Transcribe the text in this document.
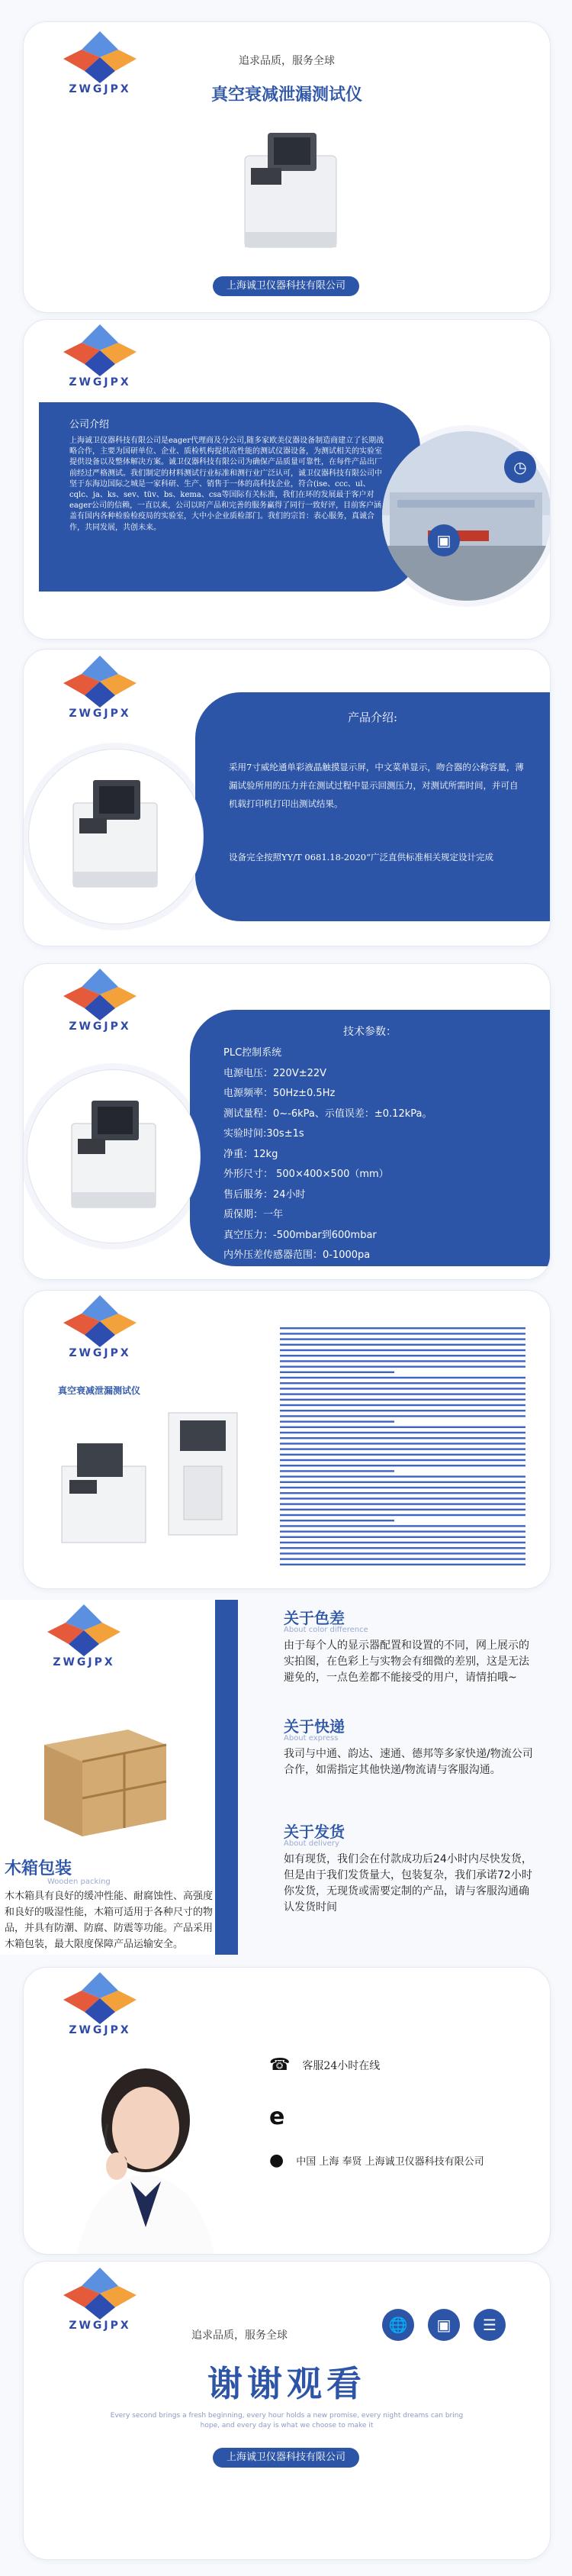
ZWGJPX
追求品质，服务全球
真空衰减泄漏测试仪
上海诚卫仪器科技有限公司
ZWGJPX
公司介绍
上海诚卫仪器科技有限公司是eager代理商及分公司,随多家欧美仪器设备制造商建立了长期战略合作，主要为国研单位、企业、质检机构提供高性能的测试仪器设备，为测试相关的实验室提供设备以及整体解决方案。诚卫仪器科技有限公司为确保产品质量可靠性，在每件产品出厂前经过严格测试。我们制定的材料测试行业标准和测行业广泛认可，诚卫仪器科技有限公司中坚于东海边国际之城是一家科研、生产、销售于一体的高科技企业，符合(ise、ccc、ul、cqlc、ja、ks、sev、tüv、bs、kema、csa等国际有关标准，我们在环的发展最于客户对eager公司的信赖，一直以来，公司以时产品和完善的服务赢得了同行一致好评，目前客户涵盖有国内各种检验检疫局的实验室，大中小企业质检部门。我们的宗旨：表心服务，真诚合作，共同发展，共创未来。
◷
▣
ZWGJPX	产品介绍:
采用7寸威纶通单彩液晶触摸显示屏，中文菜单显示，吻合器的公称容量，薄漏试验所用的压力并在测试过程中显示回测压力，对测试所需时间，并可自机载打印机打印出测试结果。
设备完全按照YY/T 0681.18-2020“广泛直供标准相关规定设计完成
ZWGJPX	技术参数：
PLC控制系统
电源电压：220V±22V
电源频率：50Hz±0.5Hz
测试量程：0~-6kPa、示值误差：±0.12kPa。
实验时间:30s±1s
净重：12kg
外形尺寸： 500×400×500（mm）
售后服务：24小时
质保期：一年
真空压力：-500mbar到600mbar
内外压差传感器范围：0-1000pa
ZWGJPX
真空衰减泄漏测试仪
ZWGJPX
木箱包装
Wooden packing
木木箱具有良好的缓冲性能、耐腐蚀性、高强度和良好的吸湿性能，木箱可适用于各种尺寸的物品，并具有防潮、防腐、防震等功能。产品采用木箱包装，最大限度保障产品运输安全。
关于色差
About color difference
由于每个人的显示器配置和设置的不同，网上展示的实拍图，在色彩上与实物会有细微的差别，这是无法避免的，一点色差都不能接受的用户，请情拍哦~
关于快递
About express
我司与中通、韵达、速通、德邦等多家快递/物流公司合作，如需指定其他快递/物流请与客服沟通。
关于发货
About delivery
如有现货，我们会在付款成功后24小时内尽快发货，但是由于我们发货量大，包装复杂，我们承诺72小时你发货，无现货或需要定制的产品，请与客服沟通确认发货时间
ZWGJPX
☎ 客服24小时在线
e
● 中国 上海 奉贤 上海诚卫仪器科技有限公司
ZWGJPX
追求品质，服务全球
🌐	▣	☰
谢谢观看
Every second brings a fresh beginning, every hour holds a new promise, every night dreams can bring hope, and every day is what we choose to make it
上海诚卫仪器科技有限公司
